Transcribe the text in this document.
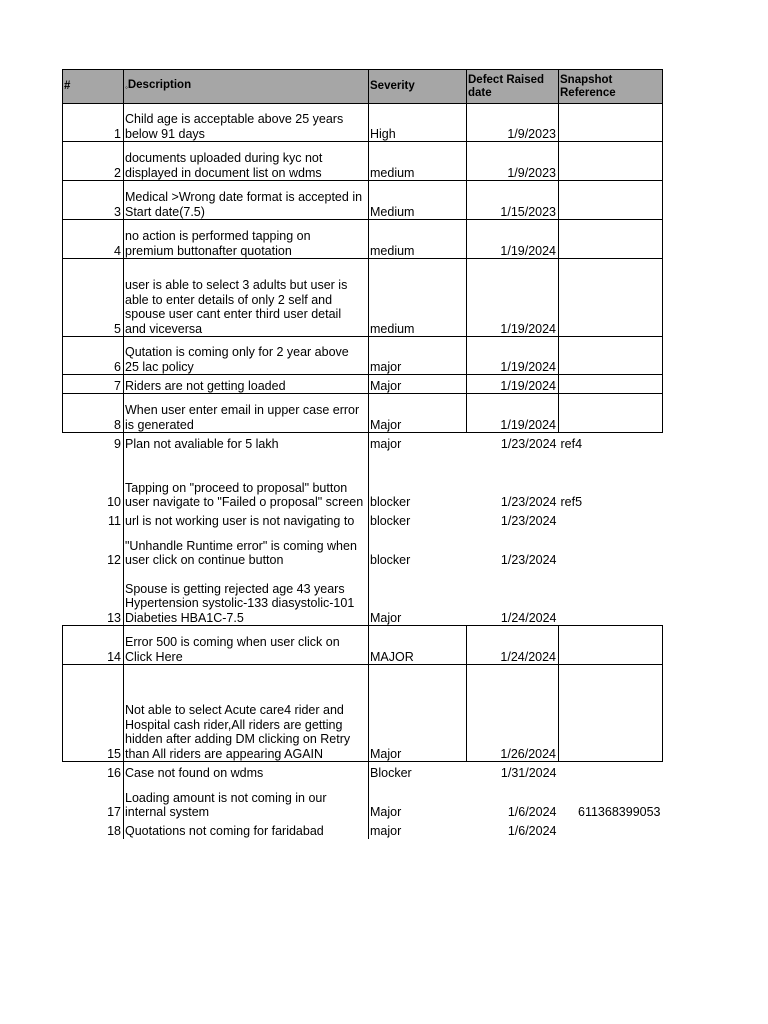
#	◦Description	Severity	Defect Raised date	Snapshot Reference
1	Child age is acceptable above 25 years
below 91 days	High	1/9/2023	
2	documents uploaded during kyc not
displayed in document list on wdms	medium	1/9/2023	
3	Medical >Wrong date format is accepted in
Start date(7.5)	Medium	1/15/2023	
4	no action is performed tapping on
premium buttonafter quotation	medium	1/19/2024	
5	user is able to select 3 adults but user is
able to enter details of only 2 self and
spouse user cant enter third user detail
and viceversa	medium	1/19/2024	
6	Qutation is coming only for 2 year above
25 lac policy	major	1/19/2024	
7	Riders are not getting loaded	Major	1/19/2024	
8	When user enter email in upper case error
is generated	Major	1/19/2024	
9	Plan not avaliable for 5 lakh	major	1/23/2024	ref4
10	Tapping on "proceed to proposal" button
user navigate to "Failed o proposal" screen	blocker	1/23/2024	ref5
11	url is not working user is not navigating to	blocker	1/23/2024	
12	"Unhandle Runtime error" is coming when
user click on continue button	blocker	1/23/2024	
13	Spouse is getting rejected age 43 years
Hypertension systolic-133 diasystolic-101
Diabeties HBA1C-7.5	Major	1/24/2024	
14	Error 500 is coming when user click on
Click Here	MAJOR	1/24/2024	
15	Not able to select Acute care4 rider and
Hospital cash rider,All riders are getting
hidden after adding DM clicking on Retry
than All riders are appearing AGAIN	Major	1/26/2024	
16	Case not found on wdms	Blocker	1/31/2024	
17	Loading amount is not coming in our
internal system	Major	1/6/2024	611368399053
18	Quotations not coming for faridabad	major	1/6/2024	
